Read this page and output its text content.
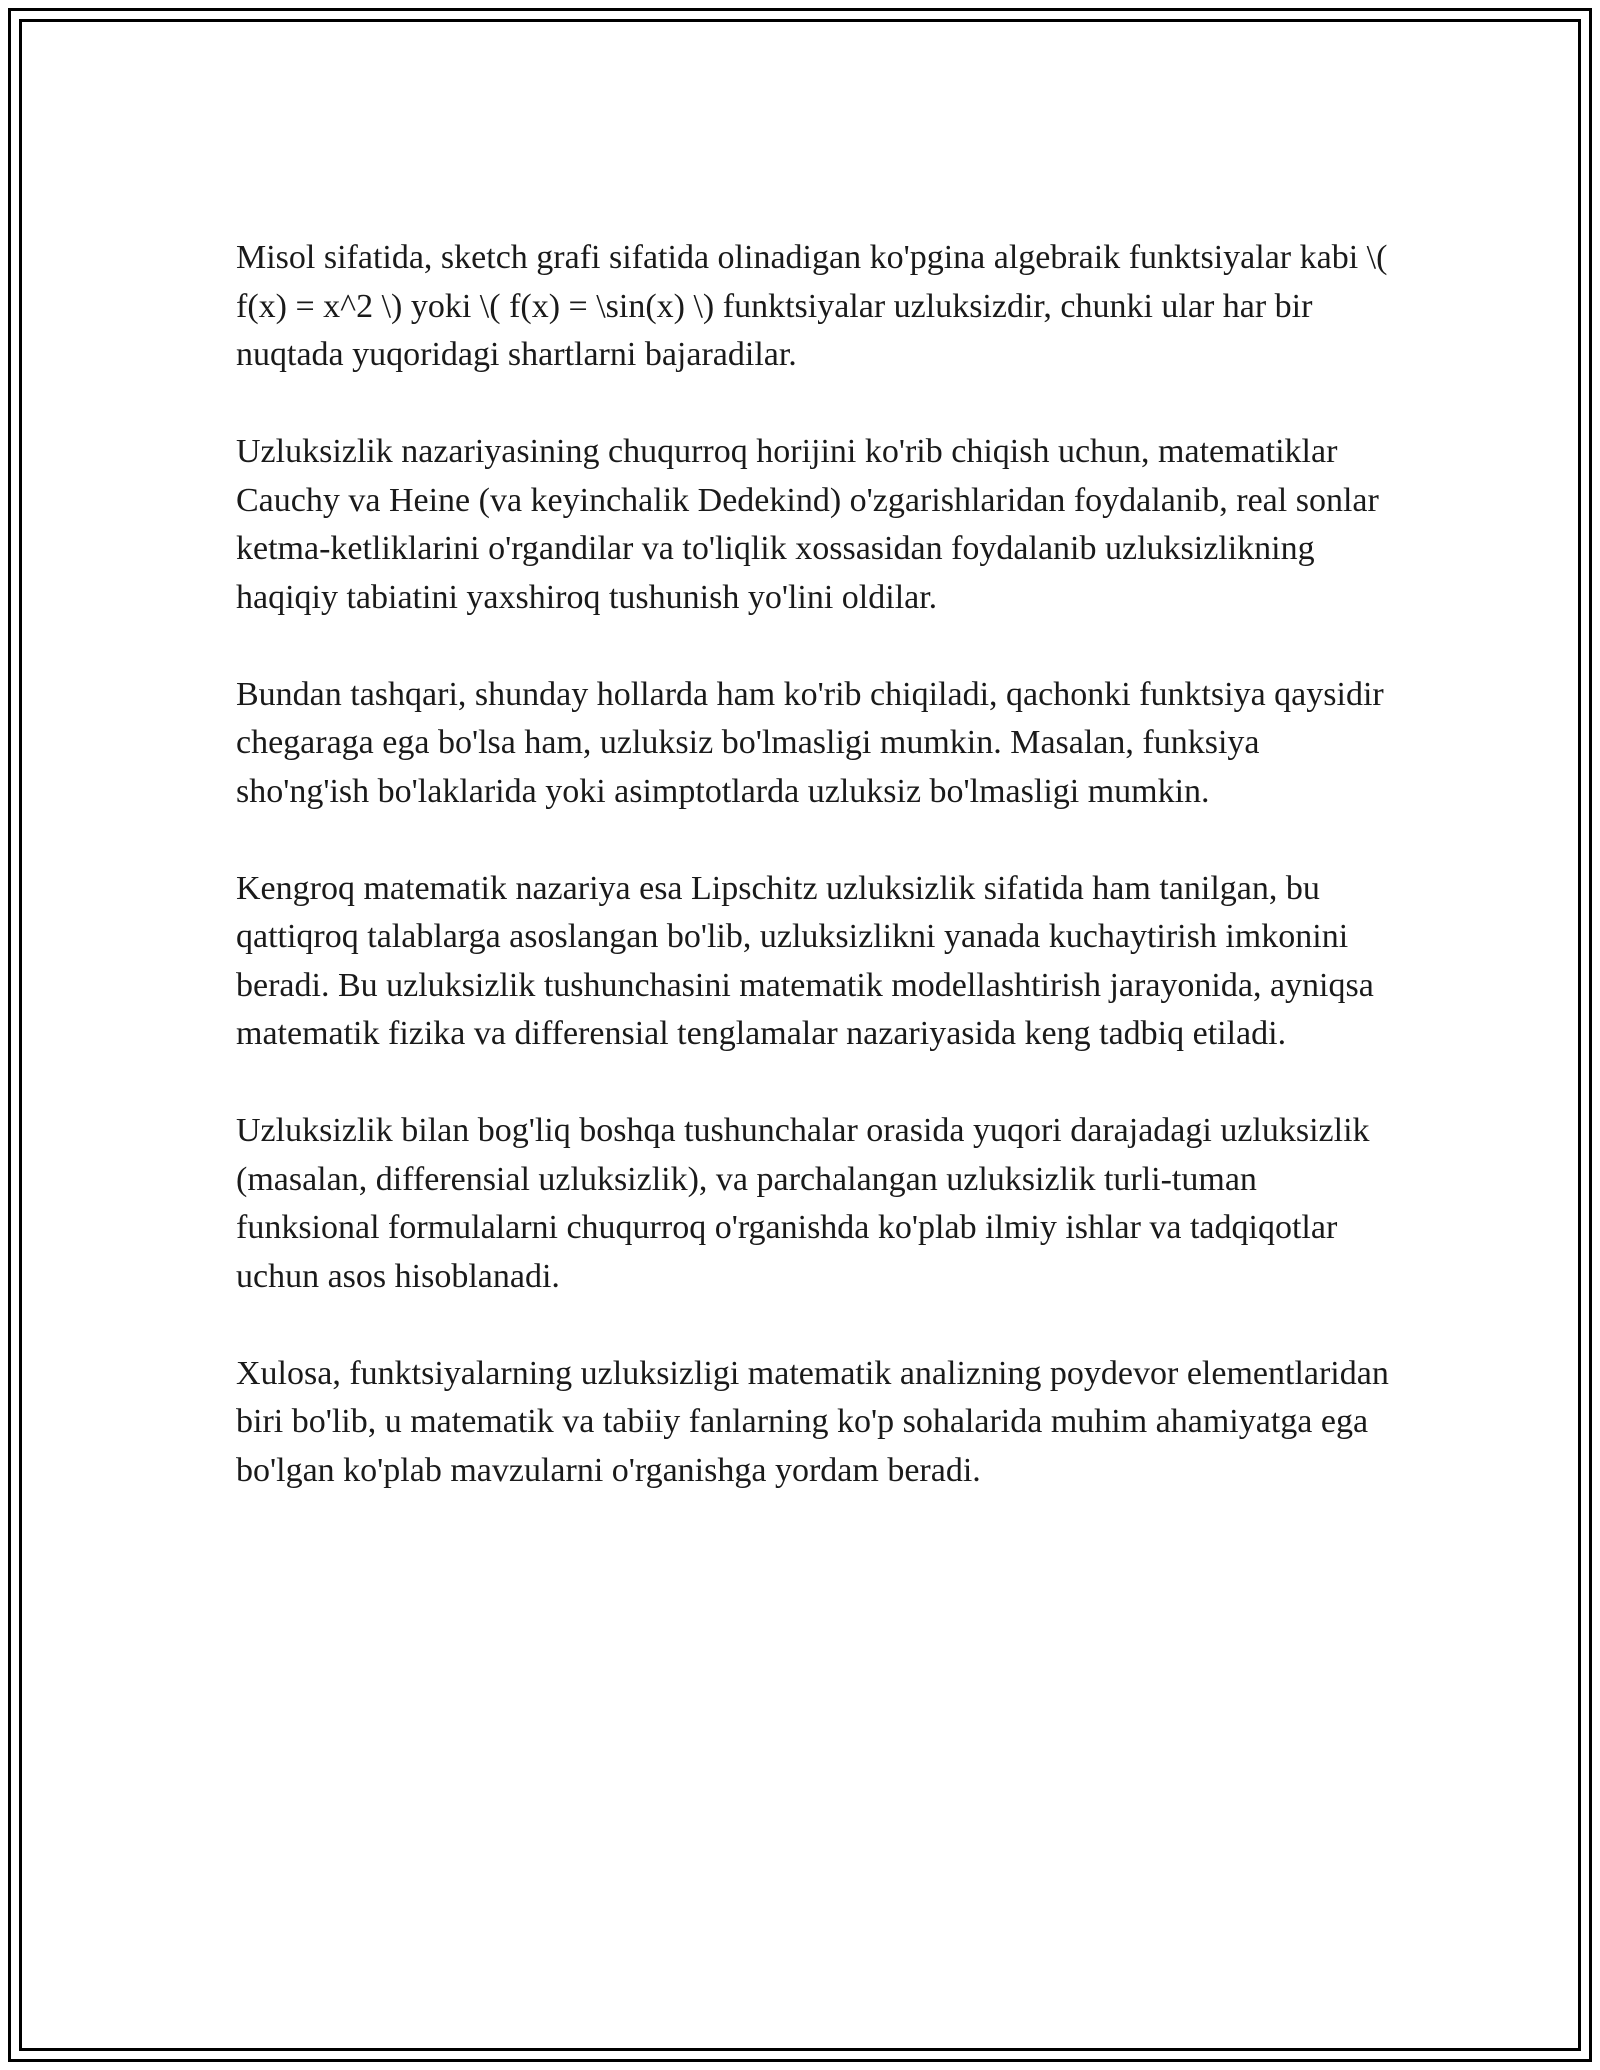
Misol sifatida, sketch grafi sifatida olinadigan ko'pgina algebraik funktsiyalar kabi \( f(x) = x^2 \) yoki \( f(x) = \sin(x) \) funktsiyalar uzluksizdir, chunki ular har bir nuqtada yuqoridagi shartlarni bajaradilar.

Uzluksizlik nazariyasining chuqurroq horijini ko'rib chiqish uchun, matematiklar Cauchy va Heine (va keyinchalik Dedekind) o'zgarishlaridan foydalanib, real sonlar ketma-ketliklarini o'rgandilar va to'liqlik xossasidan foydalanib uzluksizlikning haqiqiy tabiatini yaxshiroq tushunish yo'lini oldilar.

Bundan tashqari, shunday hollarda ham ko'rib chiqiladi, qachonki funktsiya qaysidir chegaraga ega bo'lsa ham, uzluksiz bo'lmasligi mumkin. Masalan, funksiya sho'ng'ish bo'laklarida yoki asimptotlarda uzluksiz bo'lmasligi mumkin.

Kengroq matematik nazariya esa Lipschitz uzluksizlik sifatida ham tanilgan, bu qattiqroq talablarga asoslangan bo'lib, uzluksizlikni yanada kuchaytirish imkonini beradi. Bu uzluksizlik tushunchasini matematik modellashtirish jarayonida, ayniqsa matematik fizika va differensial tenglamalar nazariyasida keng tadbiq etiladi.

Uzluksizlik bilan bog'liq boshqa tushunchalar orasida yuqori darajadagi uzluksizlik (masalan, differensial uzluksizlik), va parchalangan uzluksizlik turli-tuman funksional formulalarni chuqurroq o'rganishda ko'plab ilmiy ishlar va tadqiqotlar uchun asos hisoblanadi.

Xulosa, funktsiyalarning uzluksizligi matematik analizning poydevor elementlaridan biri bo'lib, u matematik va tabiiy fanlarning ko'p sohalarida muhim ahamiyatga ega bo'lgan ko'plab mavzularni o'rganishga yordam beradi.
